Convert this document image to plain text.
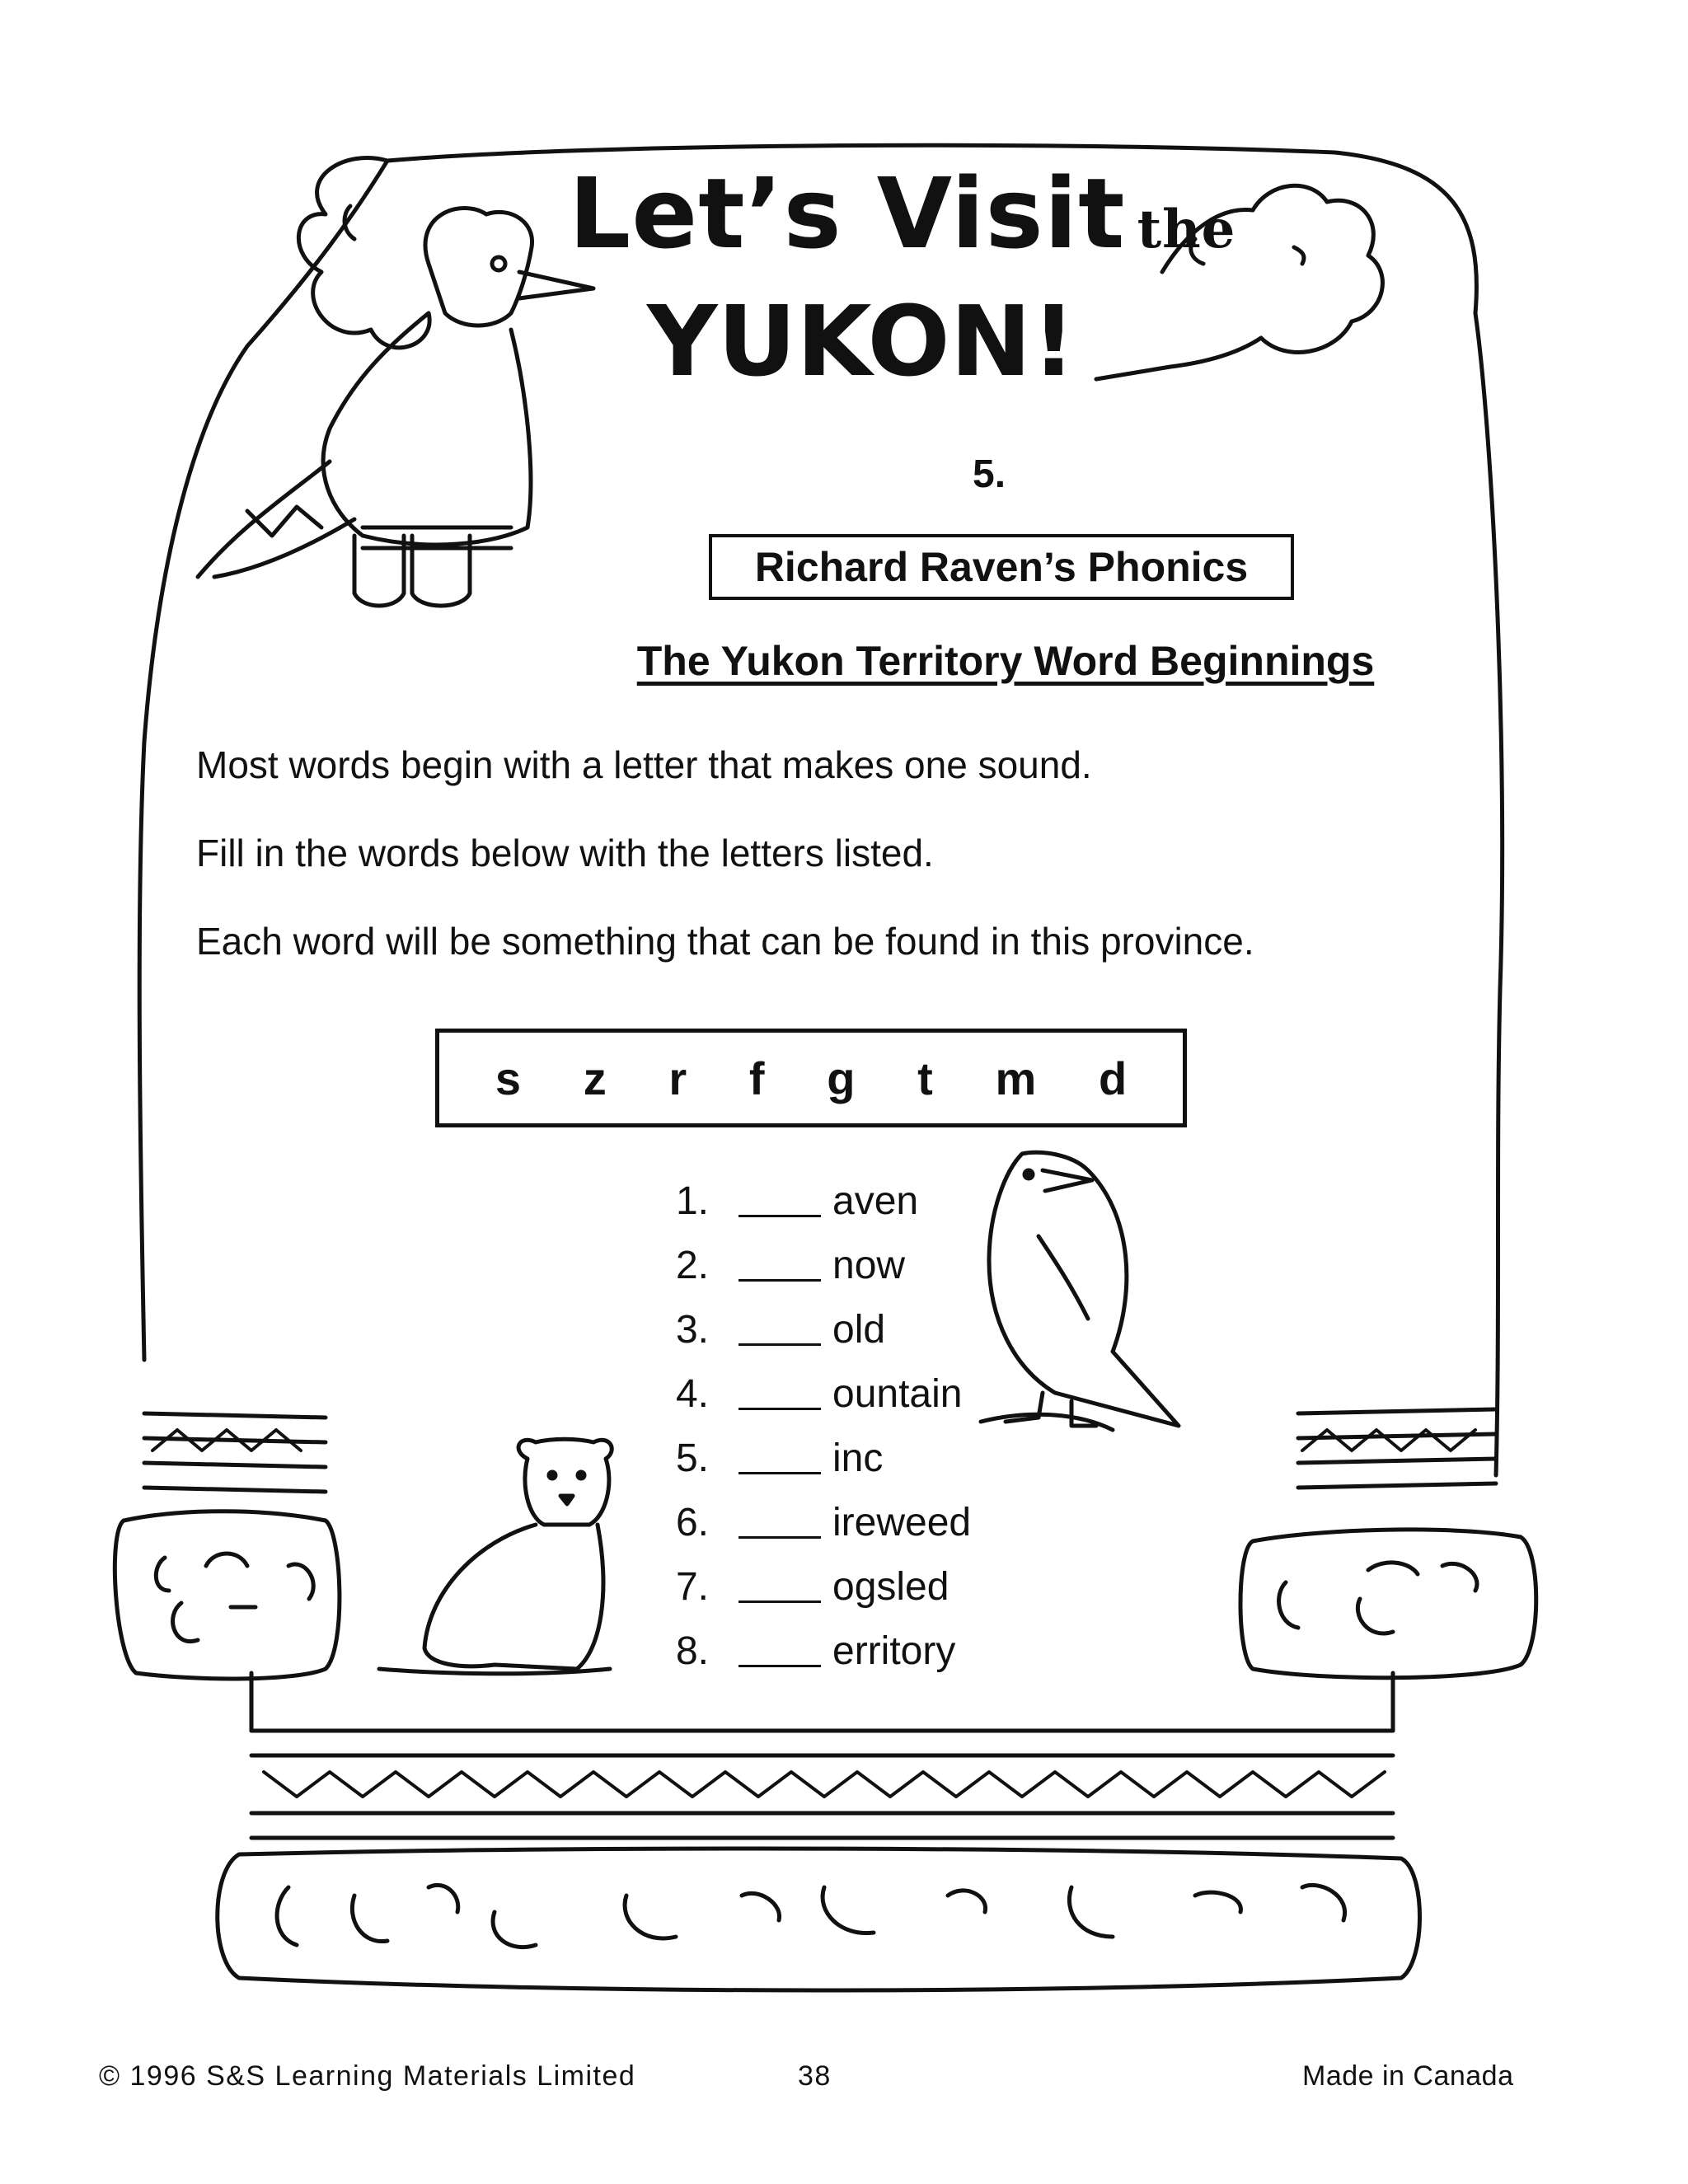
Let’s Visit the
YUKON!
5.
Richard Raven’s Phonics
The Yukon Territory Word Beginnings
Most words begin with a letter that makes one sound.
Fill in the words below with the letters listed.
Each word will be something that can be found in this province.
s z r f g t m d
1.	aven
2.	now
3.	old
4.	ountain
5.	inc
6.	ireweed
7.	ogsled
8.	erritory
© 1996 S&S Learning Materials Limited	38	Made in Canada
